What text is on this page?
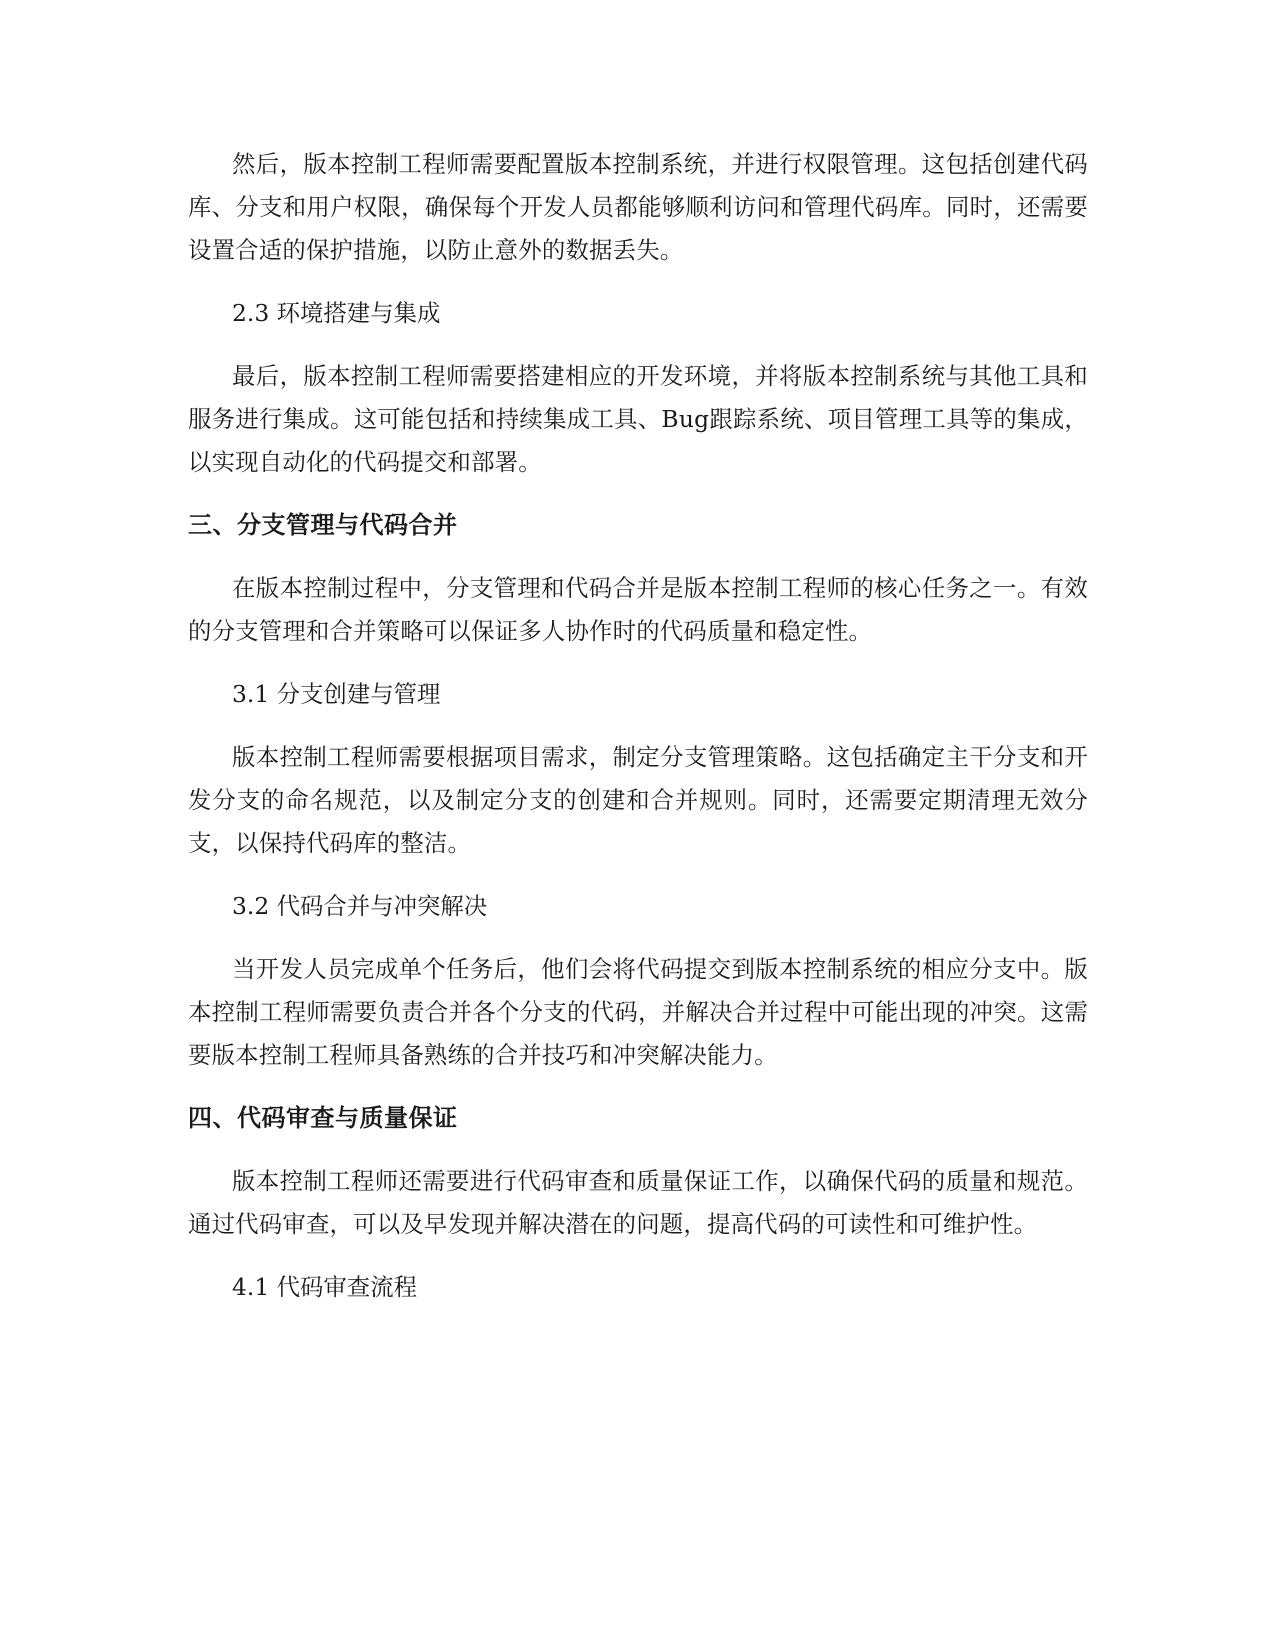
然后，版本控制工程师需要配置版本控制系统，并进行权限管理。这包括创建代码库、分支和用户权限，确保每个开发人员都能够顺利访问和管理代码库。同时，还需要设置合适的保护措施，以防止意外的数据丢失。

2.3 环境搭建与集成

最后，版本控制工程师需要搭建相应的开发环境，并将版本控制系统与其他工具和服务进行集成。这可能包括和持续集成工具、Bug跟踪系统、项目管理工具等的集成，以实现自动化的代码提交和部署。

三、分支管理与代码合并

在版本控制过程中，分支管理和代码合并是版本控制工程师的核心任务之一。有效的分支管理和合并策略可以保证多人协作时的代码质量和稳定性。

3.1 分支创建与管理

版本控制工程师需要根据项目需求，制定分支管理策略。这包括确定主干分支和开发分支的命名规范，以及制定分支的创建和合并规则。同时，还需要定期清理无效分支，以保持代码库的整洁。

3.2 代码合并与冲突解决

当开发人员完成单个任务后，他们会将代码提交到版本控制系统的相应分支中。版本控制工程师需要负责合并各个分支的代码，并解决合并过程中可能出现的冲突。这需要版本控制工程师具备熟练的合并技巧和冲突解决能力。

四、代码审查与质量保证

版本控制工程师还需要进行代码审查和质量保证工作，以确保代码的质量和规范。通过代码审查，可以及早发现并解决潜在的问题，提高代码的可读性和可维护性。

4.1 代码审查流程
